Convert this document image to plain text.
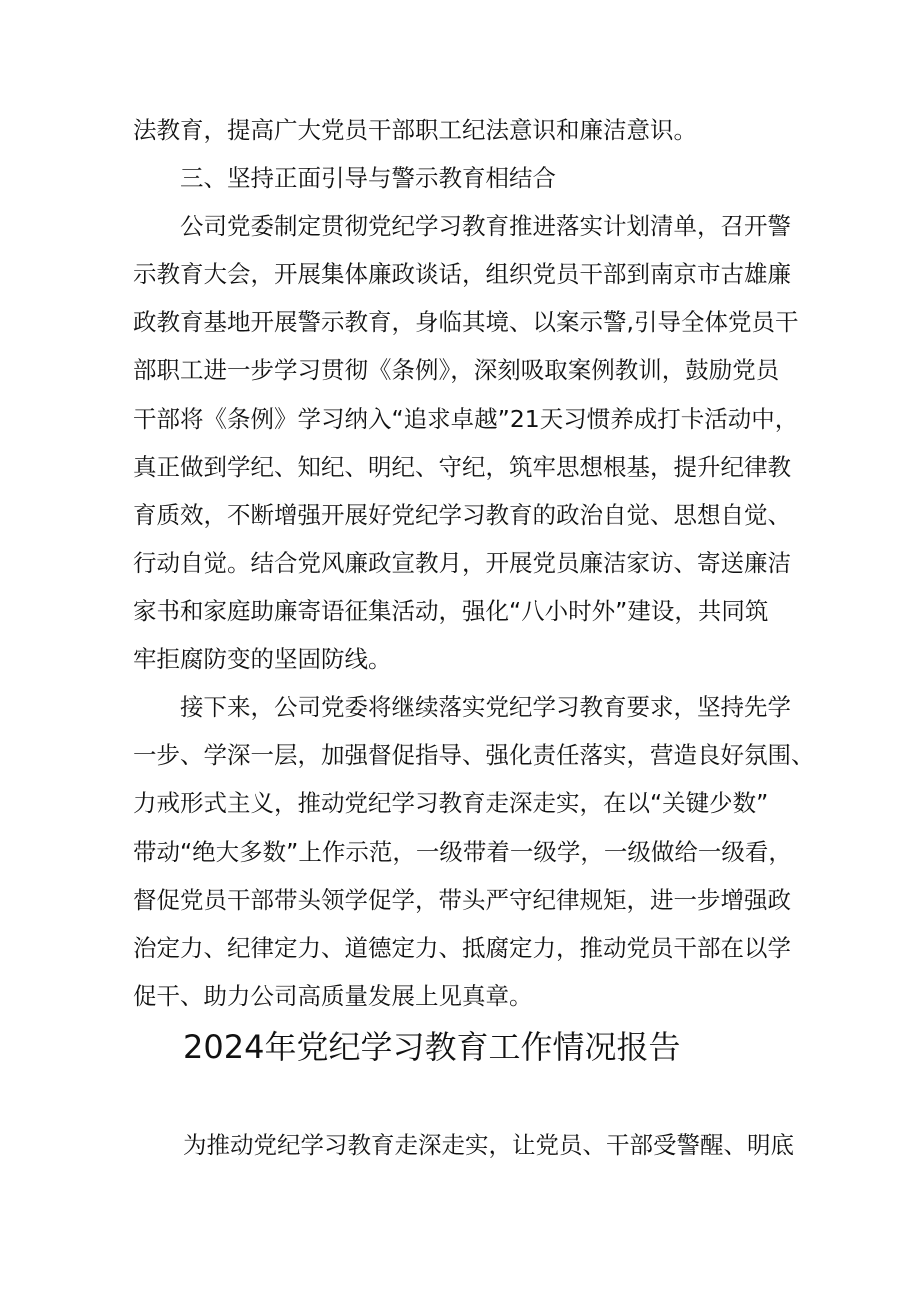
法教育，提高广大党员干部职工纪法意识和廉洁意识。
三、坚持正面引导与警示教育相结合
公司党委制定贯彻党纪学习教育推进落实计划清单，召开警
示教育大会，开展集体廉政谈话，组织党员干部到南京市古雄廉
政教育基地开展警示教育，身临其境、以案示警,引导全体党员干
部职工进一步学习贯彻《条例》，深刻吸取案例教训，鼓励党员
干部将《条例》学习纳入“追求卓越”21天习惯养成打卡活动中，
真正做到学纪、知纪、明纪、守纪，筑牢思想根基，提升纪律教
育质效，不断增强开展好党纪学习教育的政治自觉、思想自觉、
行动自觉。结合党风廉政宣教月，开展党员廉洁家访、寄送廉洁
家书和家庭助廉寄语征集活动，强化“八小时外”建设，共同筑
牢拒腐防变的坚固防线。
接下来，公司党委将继续落实党纪学习教育要求，坚持先学
一步、学深一层，加强督促指导、强化责任落实，营造良好氛围、
力戒形式主义，推动党纪学习教育走深走实，在以“关键少数”
带动“绝大多数”上作示范，一级带着一级学，一级做给一级看，
督促党员干部带头领学促学，带头严守纪律规矩，进一步增强政
治定力、纪律定力、道德定力、抵腐定力，推动党员干部在以学
促干、助力公司高质量发展上见真章。
2024年党纪学习教育工作情况报告
为推动党纪学习教育走深走实，让党员、干部受警醒、明底
